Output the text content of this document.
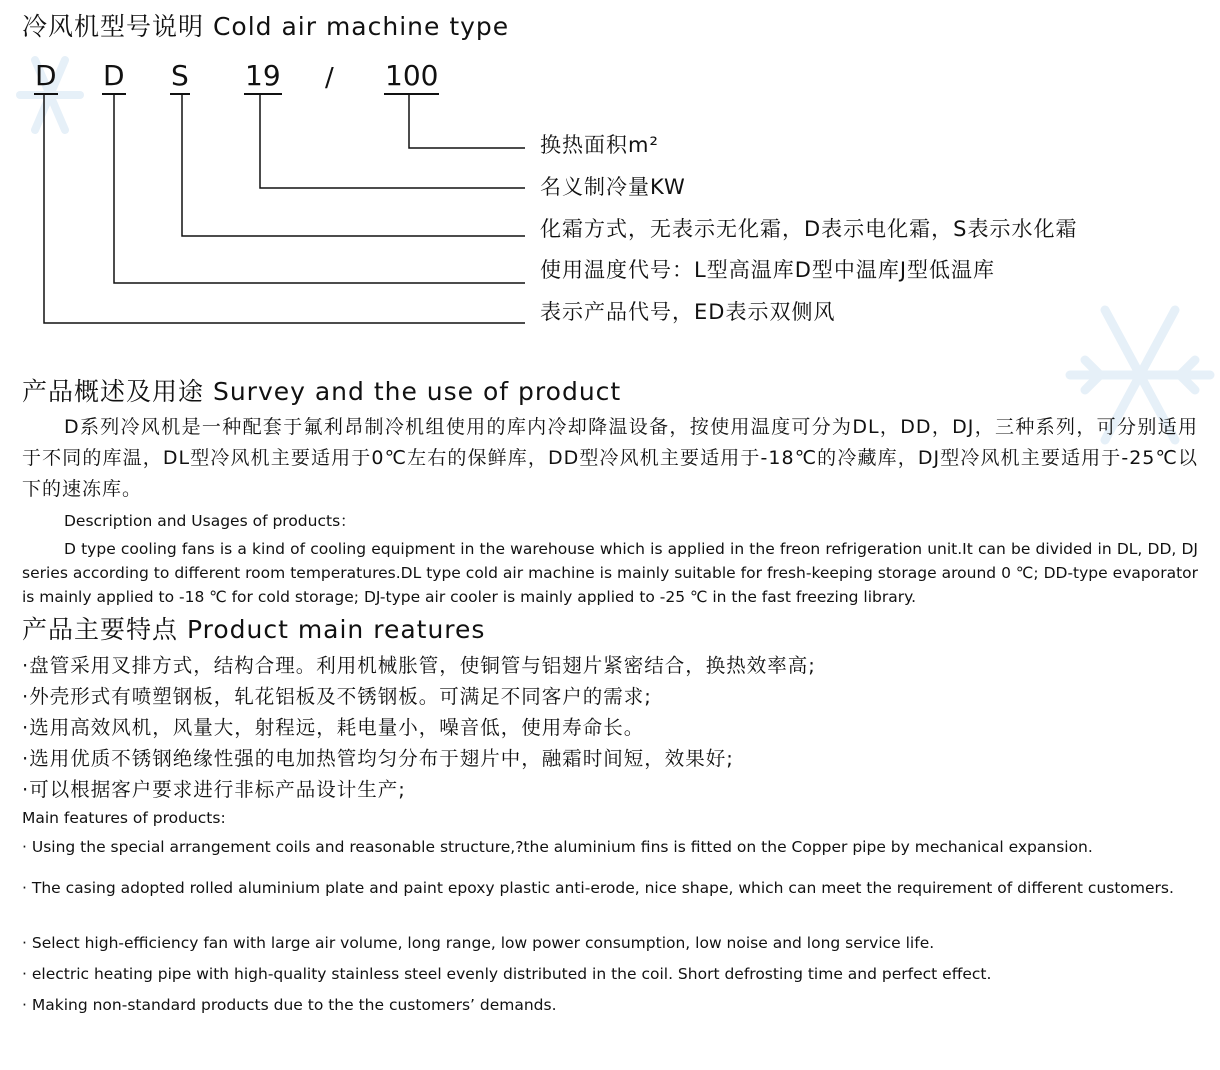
冷风机型号说明 Cold air machine type
D D S 19 / 100
换热面积m²
名义制冷量KW
化霜方式，无表示无化霜，D表示电化霜，S表示水化霜
使用温度代号：L型高温库D型中温库J型低温库
表示产品代号，ED表示双侧风
产品概述及用途 Survey and the use of product
D系列冷风机是一种配套于氟利昂制冷机组使用的库内冷却降温设备，按使用温度可分为DL，DD，DJ，三种系列，可分别适用于不同的库温，DL型冷风机主要适用于0℃左右的保鲜库，DD型冷风机主要适用于-18℃的冷藏库，DJ型冷风机主要适用于-25℃以下的速冻库。
Description and Usages of products：
D type cooling fans is a kind of cooling equipment in the warehouse which is applied in the freon refrigeration unit.It can be divided in DL, DD, DJ series according to different room temperatures.DL type cold air machine is mainly suitable for fresh-keeping storage around 0 ℃; DD-type evaporator is mainly applied to -18 ℃ for cold storage; DJ-type air cooler is mainly applied to -25 ℃ in the fast freezing library.
产品主要特点 Product main reatures
·盘管采用叉排方式，结构合理。利用机械胀管，使铜管与铝翅片紧密结合，换热效率高;
·外壳形式有喷塑钢板，轧花铝板及不锈钢板。可满足不同客户的需求;
·选用高效风机，风量大，射程远，耗电量小，噪音低，使用寿命长。
·选用优质不锈钢绝缘性强的电加热管均匀分布于翅片中，融霜时间短，效果好;
·可以根据客户要求进行非标产品设计生产;
Main features of products:
· Using the special arrangement coils and reasonable structure,?the aluminium fins is fitted on the Copper pipe by mechanical expansion.
· The casing adopted rolled aluminium plate and paint epoxy plastic anti-erode, nice shape, which can meet the requirement of different customers.
· Select high-efficiency fan with large air volume, long range, low power consumption, low noise and long service life.
· electric heating pipe with high-quality stainless steel evenly distributed in the coil. Short defrosting time and perfect effect.
· Making non-standard products due to the the customers’ demands.
